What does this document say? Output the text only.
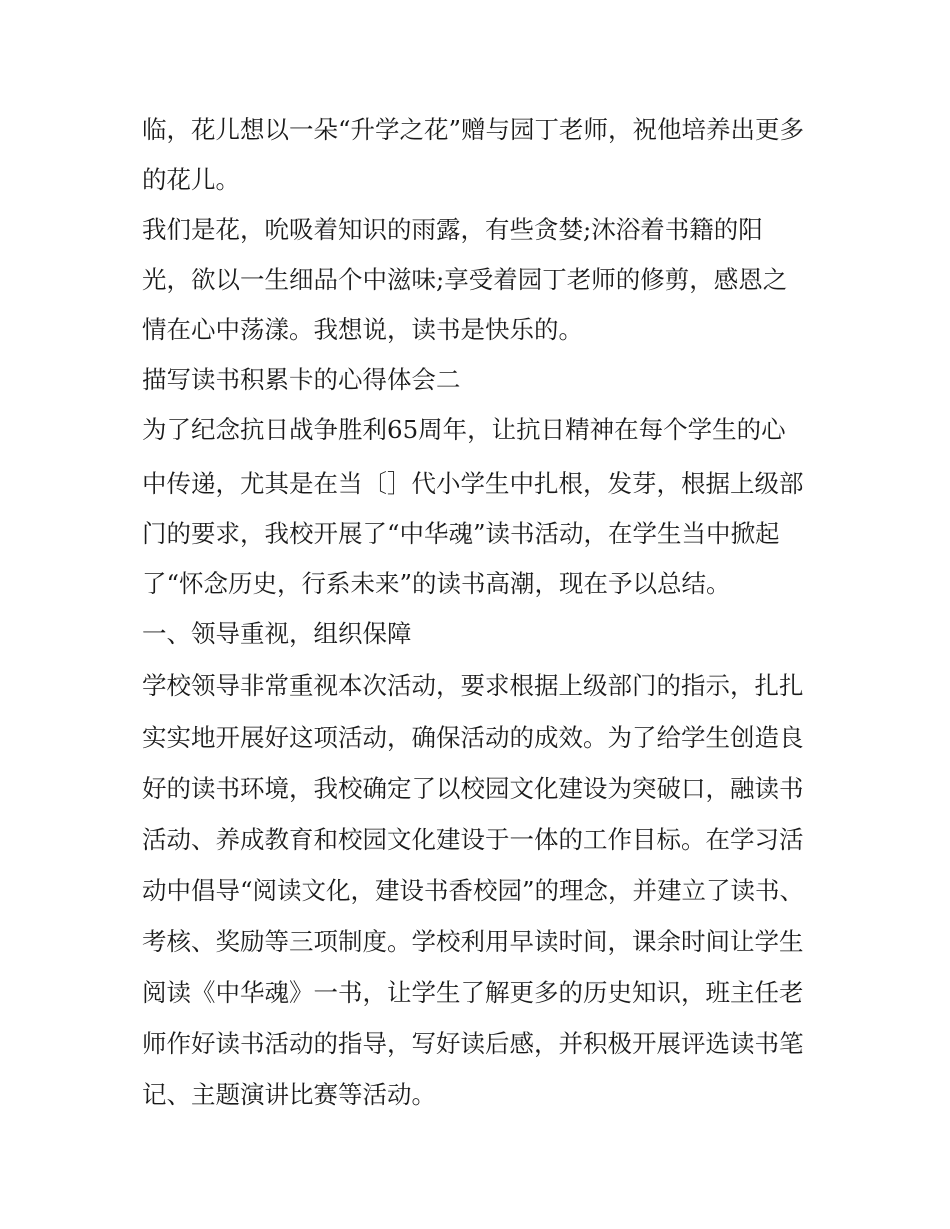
临，花儿想以一朵“升学之花”赠与园丁老师，祝他培养出更多
的花儿。
我们是花，吮吸着知识的雨露，有些贪婪;沐浴着书籍的阳
光，欲以一生细品个中滋味;享受着园丁老师的修剪，感恩之
情在心中荡漾。我想说，读书是快乐的。
描写读书积累卡的心得体会二
为了纪念抗日战争胜利65周年，让抗日精神在每个学生的心
中传递，尤其是在当〔］代小学生中扎根，发芽，根据上级部
门的要求，我校开展了“中华魂”读书活动，在学生当中掀起
了“怀念历史，行系未来”的读书高潮，现在予以总结。
一、领导重视，组织保障
学校领导非常重视本次活动，要求根据上级部门的指示，扎扎
实实地开展好这项活动，确保活动的成效。为了给学生创造良
好的读书环境，我校确定了以校园文化建设为突破口，融读书
活动、养成教育和校园文化建设于一体的工作目标。在学习活
动中倡导“阅读文化，建设书香校园”的理念，并建立了读书、
考核、奖励等三项制度。学校利用早读时间，课余时间让学生
阅读《中华魂》一书，让学生了解更多的历史知识，班主任老
师作好读书活动的指导，写好读后感，并积极开展评选读书笔
记、主题演讲比赛等活动。
